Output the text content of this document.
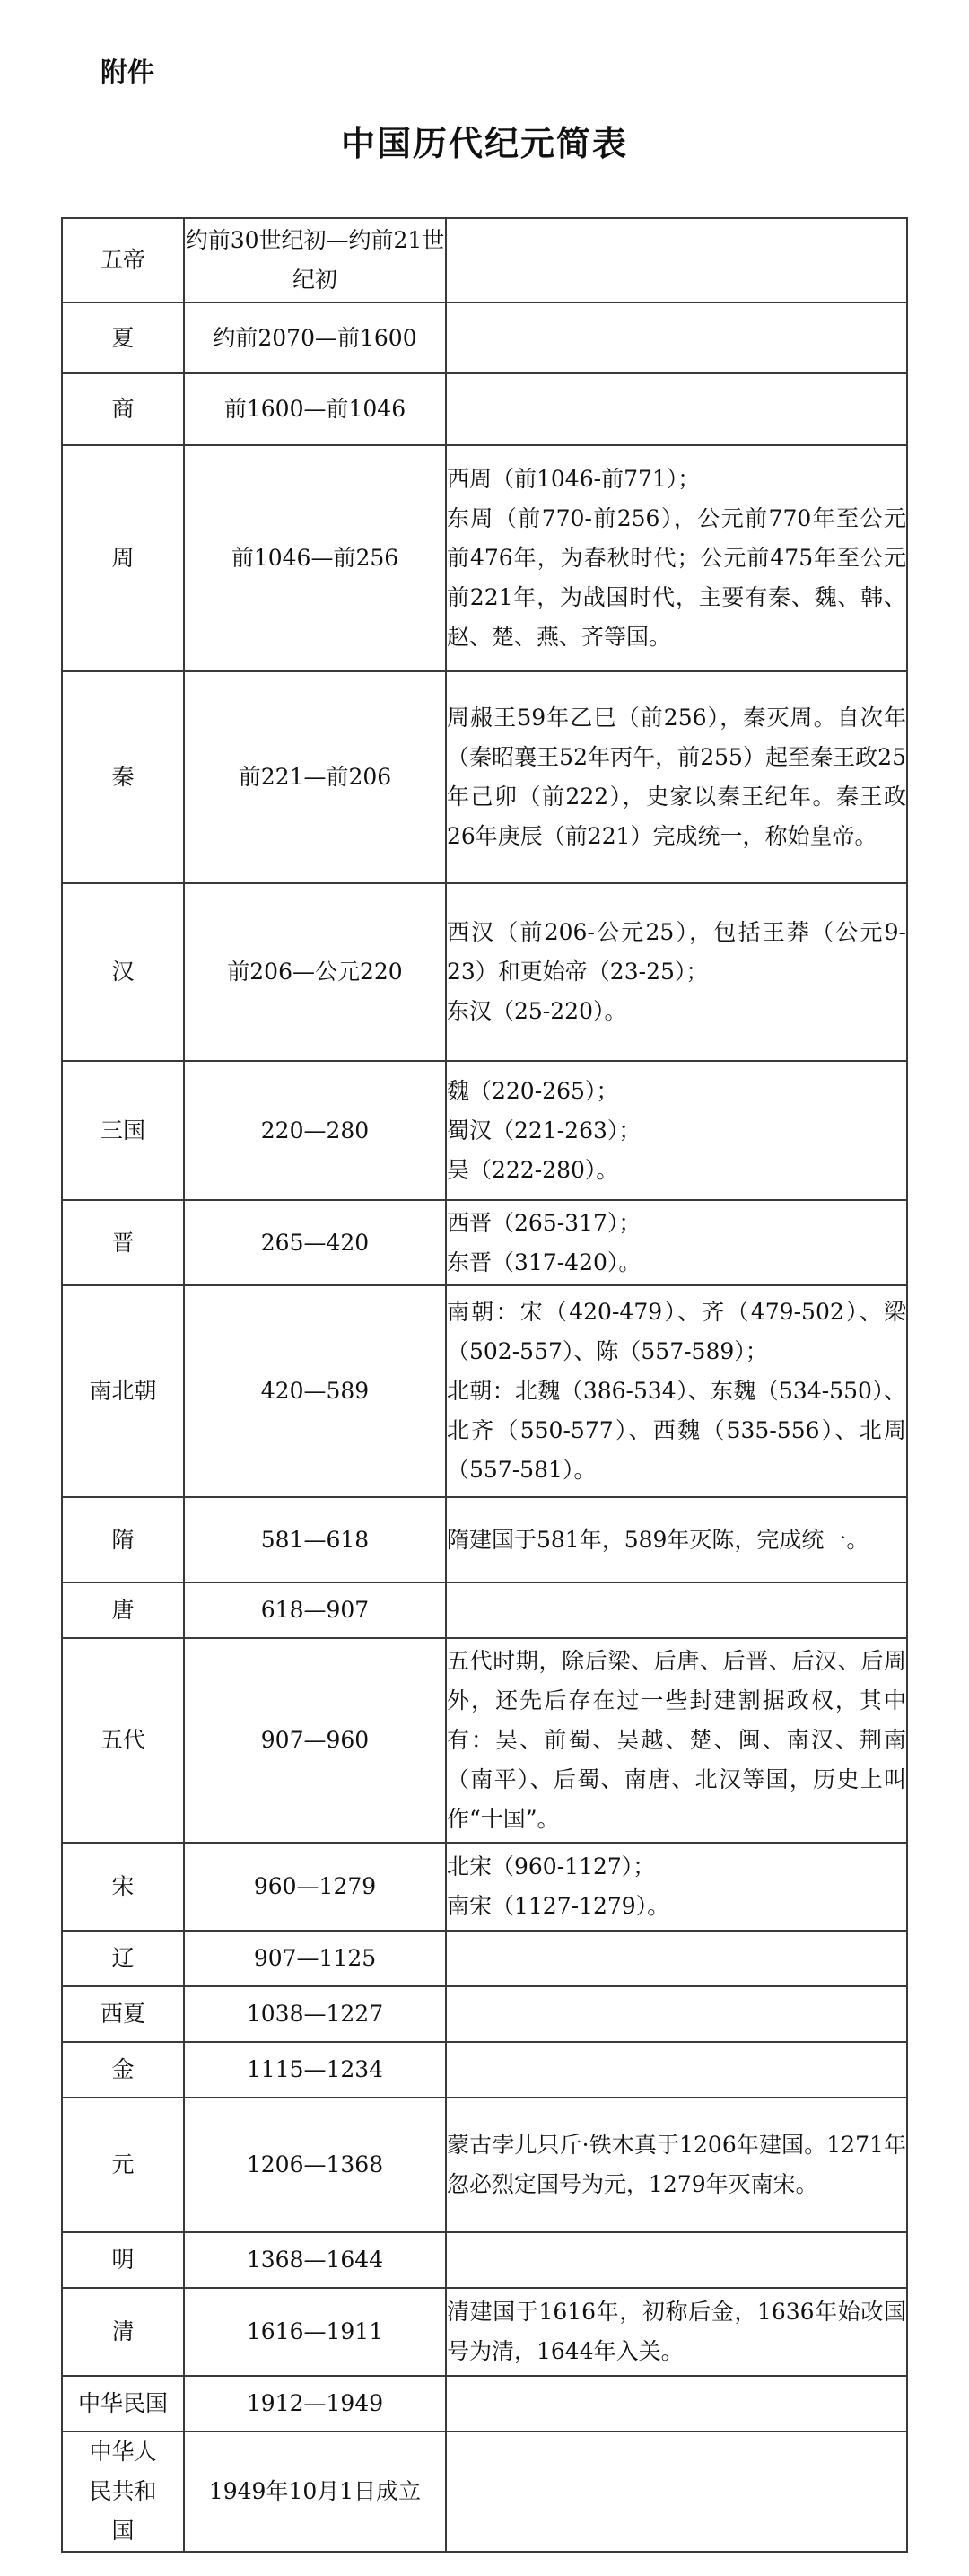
附件
中国历代纪元简表
五帝	约前30世纪初—约前21世纪初	
夏	约前2070—前1600	
商	前1600—前1046	
周	前1046—前256	西周（前1046-前771）；
东周（前770-前256），公元前770年至公元前476年，为春秋时代；公元前475年至公元前221年，为战国时代，主要有秦、魏、韩、赵、楚、燕、齐等国。
秦	前221—前206	周赧王59年乙巳（前256），秦灭周。自次年（秦昭襄王52年丙午，前255）起至秦王政25年己卯（前222），史家以秦王纪年。秦王政26年庚辰（前221）完成统一，称始皇帝。
汉	前206—公元220	西汉（前206-公元25），包括王莽（公元9-23）和更始帝（23-25）；
东汉（25-220）。
三国	220—280	魏（220-265）；
蜀汉（221-263）；
吴（222-280）。
晋	265—420	西晋（265-317）；
东晋（317-420）。
南北朝	420—589	南朝：宋（420-479）、齐（479-502）、梁（502-557）、陈（557-589）；
北朝：北魏（386-534）、东魏（534-550）、北齐（550-577）、西魏（535-556）、北周（557-581）。
隋	581—618	隋建国于581年，589年灭陈，完成统一。
唐	618—907	
五代	907—960	五代时期，除后梁、后唐、后晋、后汉、后周外，还先后存在过一些封建割据政权，其中有：吴、前蜀、吴越、楚、闽、南汉、荆南（南平）、后蜀、南唐、北汉等国，历史上叫作“十国”。
宋	960—1279	北宋（960-1127）；
南宋（1127-1279）。
辽	907—1125	
西夏	1038—1227	
金	1115—1234	
元	1206—1368	蒙古孛儿只斤·铁木真于1206年建国。1271年忽必烈定国号为元，1279年灭南宋。
明	1368—1644	
清	1616—1911	清建国于1616年，初称后金，1636年始改国号为清，1644年入关。
中华民国	1912—1949	
中华人民共和国	1949年10月1日成立	
